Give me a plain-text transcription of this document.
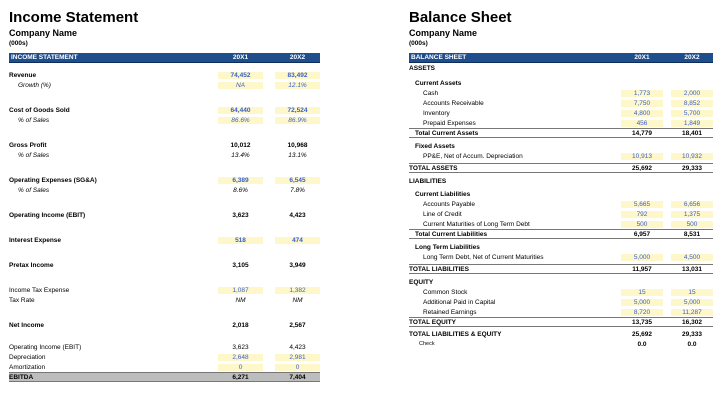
Income Statement
Company Name
(000s)
INCOME STATEMENT	20X1	20X2
Revenue	74,452	83,492
Growth (%)	NA	12.1%
Cost of Goods Sold	64,440	72,524
% of Sales	86.6%	86.9%
Gross Profit	10,012	10,968
% of Sales	13.4%	13.1%
Operating Expenses (SG&A)	6,389	6,545
% of Sales	8.6%	7.8%
Operating Income (EBIT)	3,623	4,423
Interest Expense	518	474
Pretax Income	3,105	3,949
Income Tax Expense	1,087	1,382
Tax Rate	NM	NM
Net Income	2,018	2,567
Operating Income (EBIT)	3,623	4,423
Depreciation	2,648	2,981
Amortization	0	0
EBITDA	6,271	7,404
Balance Sheet
Company Name
(000s)
BALANCE SHEET	20X1	20X2
ASSETS
Current Assets
Cash	1,773	2,000
Accounts Receivable	7,750	8,852
Inventory	4,800	5,700
Prepaid Expenses	456	1,849
Total Current Assets	14,779	18,401
Fixed Assets
PP&E, Net of Accum. Depreciation	10,913	10,932
TOTAL ASSETS	25,692	29,333
LIABILITIES
Current Liabilities
Accounts Payable	5,665	6,656
Line of Credit	792	1,375
Current Maturities of Long Term Debt	500	500
Total Current Liabilities	6,957	8,531
Long Term Liabilities
Long Term Debt, Net of Current Maturities	5,000	4,500
TOTAL LIABILITIES	11,957	13,031
EQUITY
Common Stock	15	15
Additional Paid in Capital	5,000	5,000
Retained Earnings	8,720	11,287
TOTAL EQUITY	13,735	16,302
TOTAL LIABILITIES & EQUITY	25,692	29,333
Check	0.0	0.0
